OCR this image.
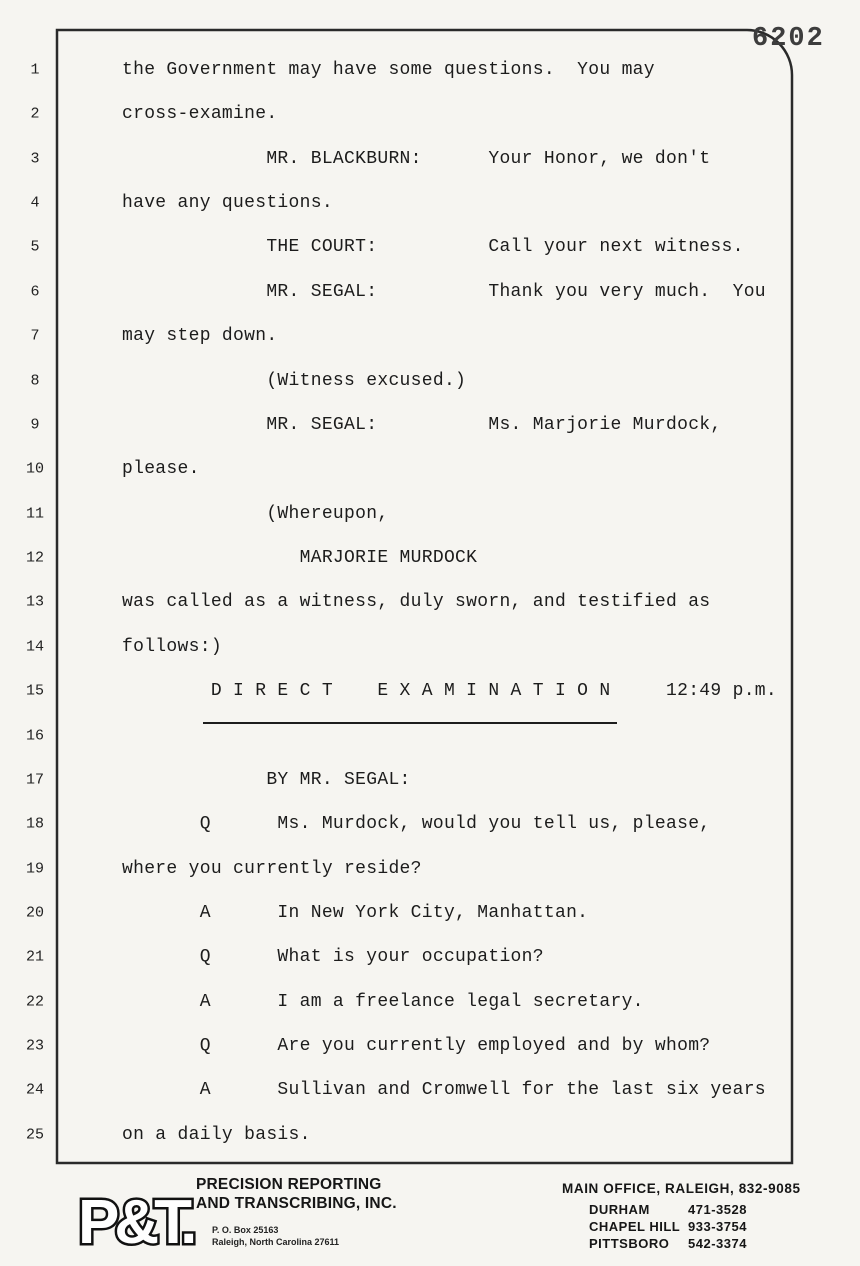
6202
1	the Government may have some questions.  You may
2	cross-examine.
3	MR. BLACKBURN:      Your Honor, we don't
4	have any questions.
5	THE COURT:          Call your next witness.
6	MR. SEGAL:          Thank you very much.  You
7	may step down.
8	(Witness excused.)
9	MR. SEGAL:          Ms. Marjorie Murdock,
10	please.
11	(Whereupon,
12	MARJORIE MURDOCK
13	was called as a witness, duly sworn, and testified as
14	follows:)
15	D I R E C T    E X A M I N A T I O N     12:49 p.m.
16
17	BY MR. SEGAL:
18	Q      Ms. Murdock, would you tell us, please,
19	where you currently reside?
20	A      In New York City, Manhattan.
21	Q      What is your occupation?
22	A      I am a freelance legal secretary.
23	Q      Are you currently employed and by whom?
24	A      Sullivan and Cromwell for the last six years
25	on a daily basis.
P&T.
PRECISION REPORTING
AND TRANSCRIBING, INC.
P. O. Box 25163
Raleigh, North Carolina 27611
MAIN OFFICE, RALEIGH, 832-9085
DURHAM	471-3528
CHAPEL HILL 933-3754
PITTSBORO 542-3374
